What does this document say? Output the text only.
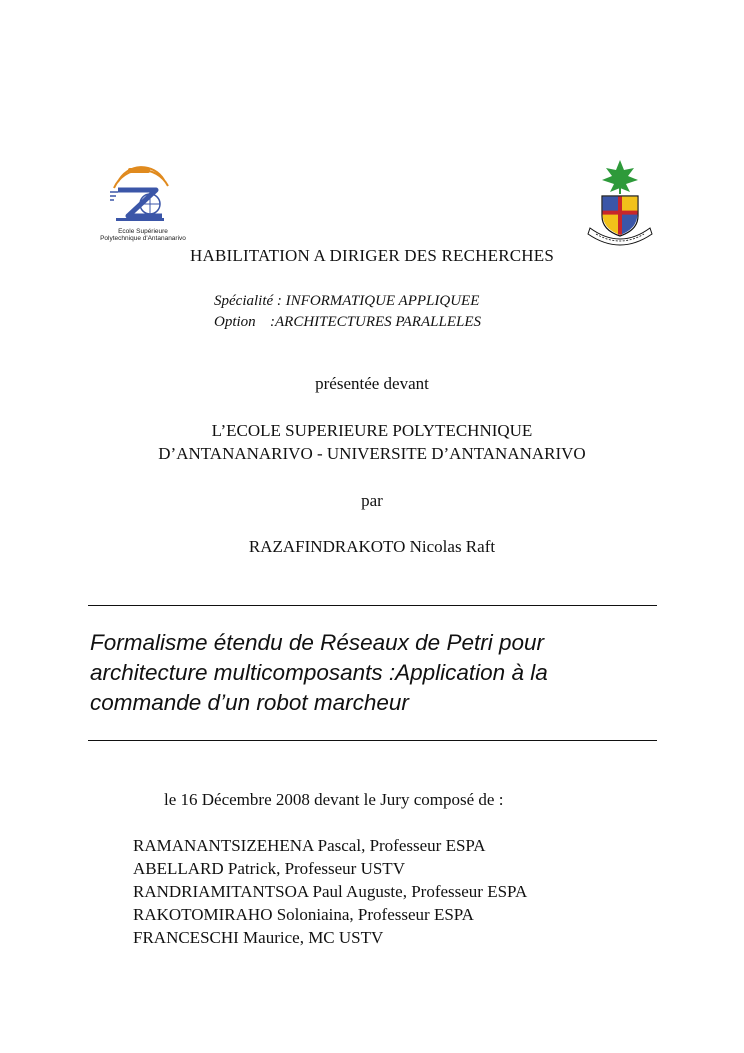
Ecole Supérieure
Polytechnique d'Antananarivo
HABILITATION A DIRIGER DES RECHERCHES
Spécialité : INFORMATIQUE APPLIQUEE
Option :ARCHITECTURES PARALLELES
présentée devant
L’ECOLE SUPERIEURE POLYTECHNIQUE
D’ANTANANARIVO - UNIVERSITE D’ANTANANARIVO
par
RAZAFINDRAKOTO Nicolas Raft
Formalisme étendu de Réseaux de Petri pour
architecture multicomposants :Application à la
commande d’un robot marcheur
le 16 Décembre 2008 devant le Jury composé de :
RAMANANTSIZEHENA Pascal, Professeur ESPA
ABELLARD Patrick, Professeur USTV
RANDRIAMITANTSOA Paul Auguste, Professeur ESPA
RAKOTOMIRAHO Soloniaina, Professeur ESPA
FRANCESCHI Maurice, MC USTV
